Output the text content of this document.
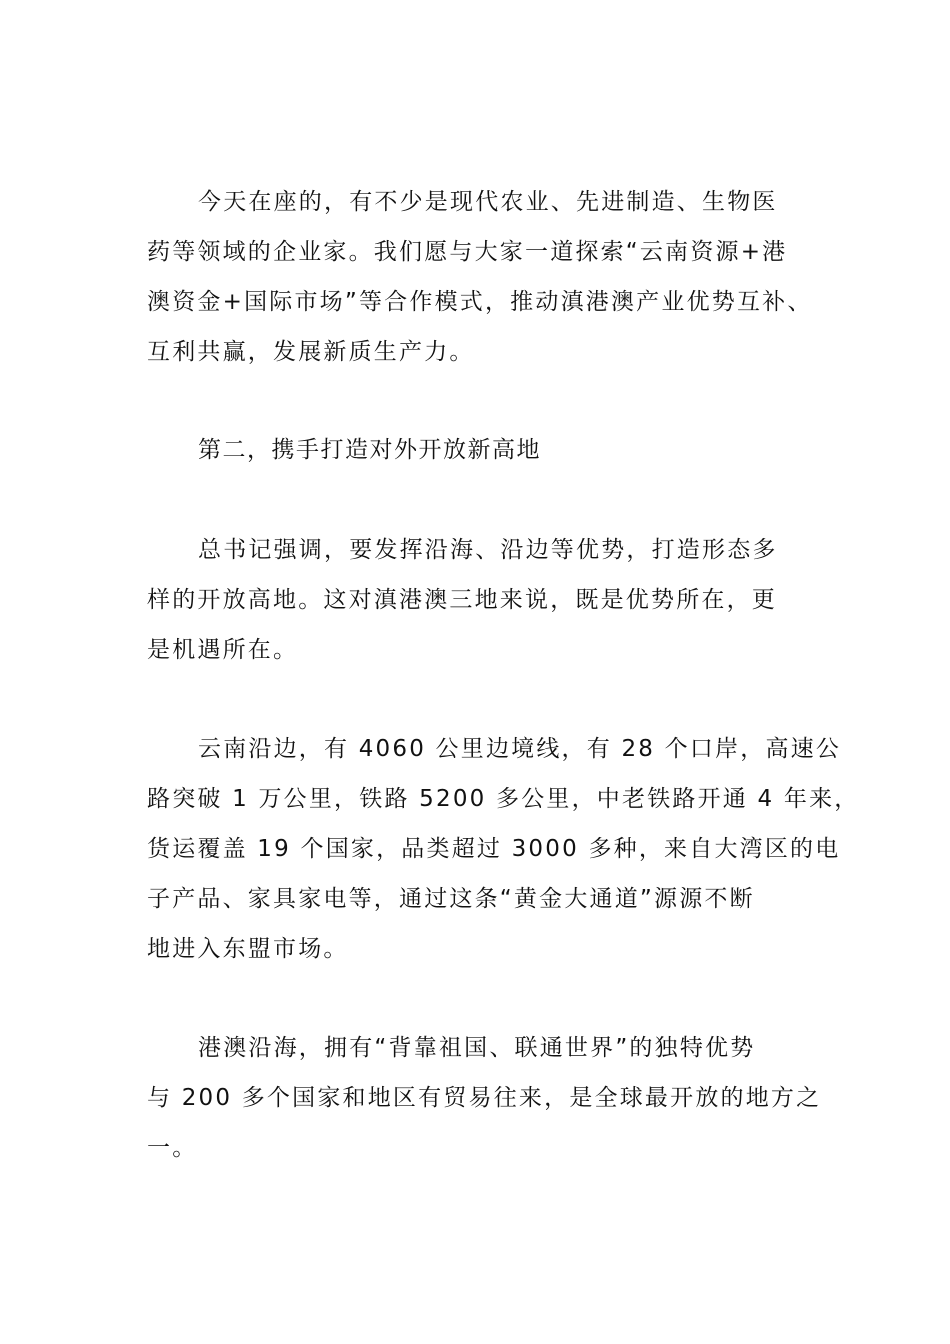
今天在座的，有不少是现代农业、先进制造、生物医
药等领域的企业家。我们愿与大家一道探索“云南资源+港
澳资金+国际市场”等合作模式，推动滇港澳产业优势互补、
互利共赢，发展新质生产力。
第二，携手打造对外开放新高地
总书记强调，要发挥沿海、沿边等优势，打造形态多
样的开放高地。这对滇港澳三地来说，既是优势所在，更
是机遇所在。
云南沿边，有 4060 公里边境线，有 28 个口岸，高速公
路突破 1 万公里，铁路 5200 多公里，中老铁路开通 4 年来，
货运覆盖 19 个国家，品类超过 3000 多种，来自大湾区的电
子产品、家具家电等，通过这条“黄金大通道”源源不断
地进入东盟市场。
港澳沿海，拥有“背靠祖国、联通世界”的独特优势
与 200 多个国家和地区有贸易往来，是全球最开放的地方之
一。
